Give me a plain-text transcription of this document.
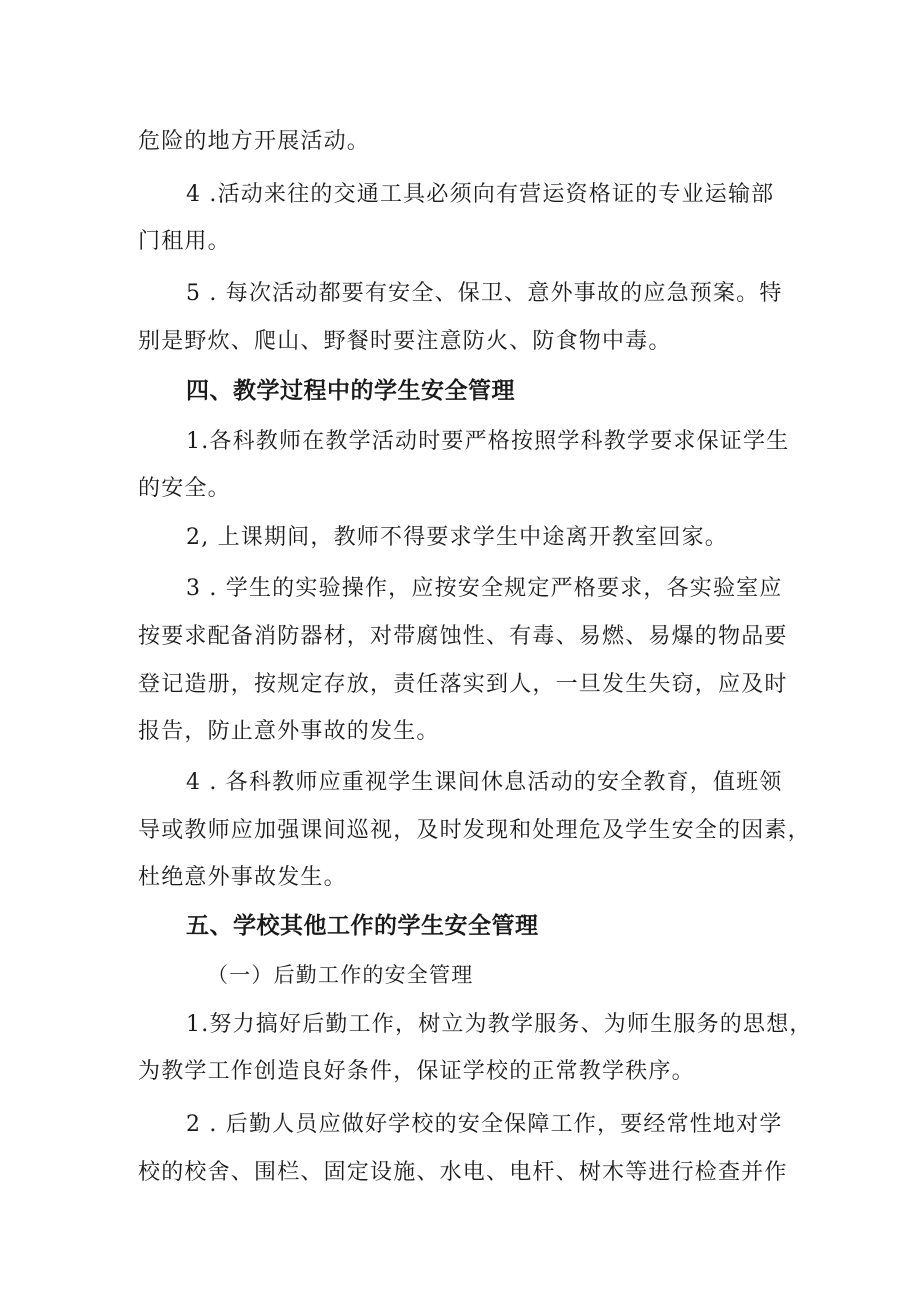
危险的地方开展活动。
4 .活动来往的交通工具必须向有营运资格证的专业运输部
门租用。
5 . 每次活动都要有安全、保卫、意外事故的应急预案。特
别是野炊、爬山、野餐时要注意防火、防食物中毒。
四、教学过程中的学生安全管理
1.各科教师在教学活动时要严格按照学科教学要求保证学生
的安全。
2, 上课期间，教师不得要求学生中途离开教室回家。
3 . 学生的实验操作，应按安全规定严格要求，各实验室应
按要求配备消防器材，对带腐蚀性、有毒、易燃、易爆的物品要
登记造册，按规定存放，责任落实到人，一旦发生失窃，应及时
报告，防止意外事故的发生。
4 . 各科教师应重视学生课间休息活动的安全教育，值班领
导或教师应加强课间巡视，及时发现和处理危及学生安全的因素，
杜绝意外事故发生。
五、学校其他工作的学生安全管理
（一）后勤工作的安全管理
1.努力搞好后勤工作，树立为教学服务、为师生服务的思想，
为教学工作创造良好条件，保证学校的正常教学秩序。
2 . 后勤人员应做好学校的安全保障工作，要经常性地对学
校的校舍、围栏、固定设施、水电、电杆、树木等进行检查并作
